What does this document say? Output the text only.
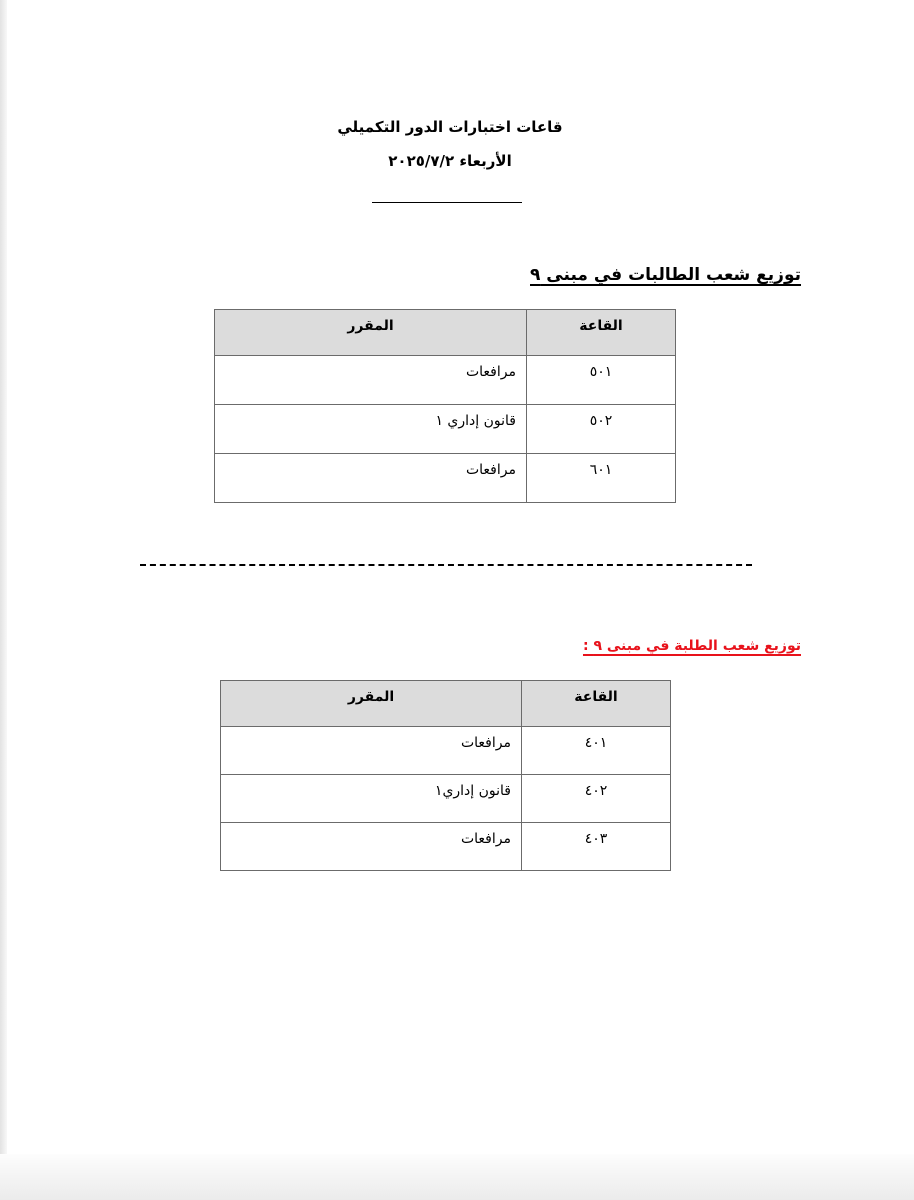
قاعات اختبارات الدور التكميلي
الأربعاء ٢٠٢٥/٧/٢
توزيع شعب الطالبات في مبنى ٩
القاعة	المقرر
٥٠١	مرافعات
٥٠٢	قانون إداري ١
٦٠١	مرافعات
توزيع شعب الطلبة في مبنى ٩ :
القاعة	المقرر
٤٠١	مرافعات
٤٠٢	قانون إداري١
٤٠٣	مرافعات
